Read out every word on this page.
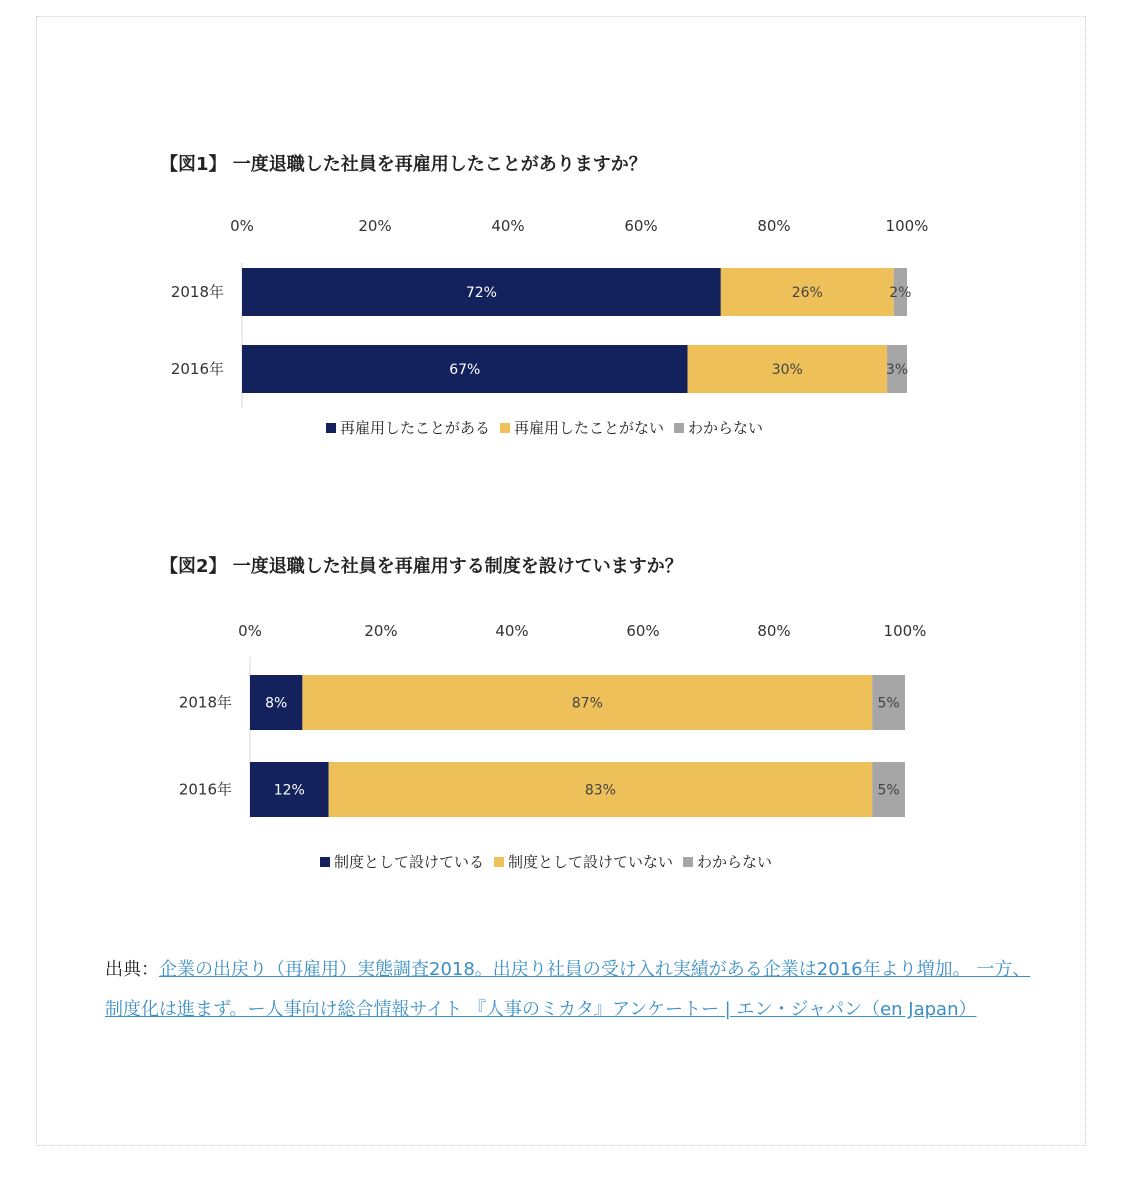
【図1】 一度退職した社員を再雇用したことがありますか？
0%	20%	40%	60%	80%	100%
2018年	72%	26%	2%
2016年	67%	30%	3%
再雇用したことがある 再雇用したことがない わからない
【図2】 一度退職した社員を再雇用する制度を設けていますか？
0%	20%	40%	60%	80%	100%
2018年 8%	87%	5%
2016年	12%	83%	5%
制度として設けている 制度として設けていない わからない
出典：企業の出戻り（再雇用）実態調査2018。出戻り社員の受け入れ実績がある企業は2016年より増加。 一方、制度化は進まず。ー人事向け総合情報サイト 『人事のミカタ』アンケートー | エン・ジャパン（en Japan）
